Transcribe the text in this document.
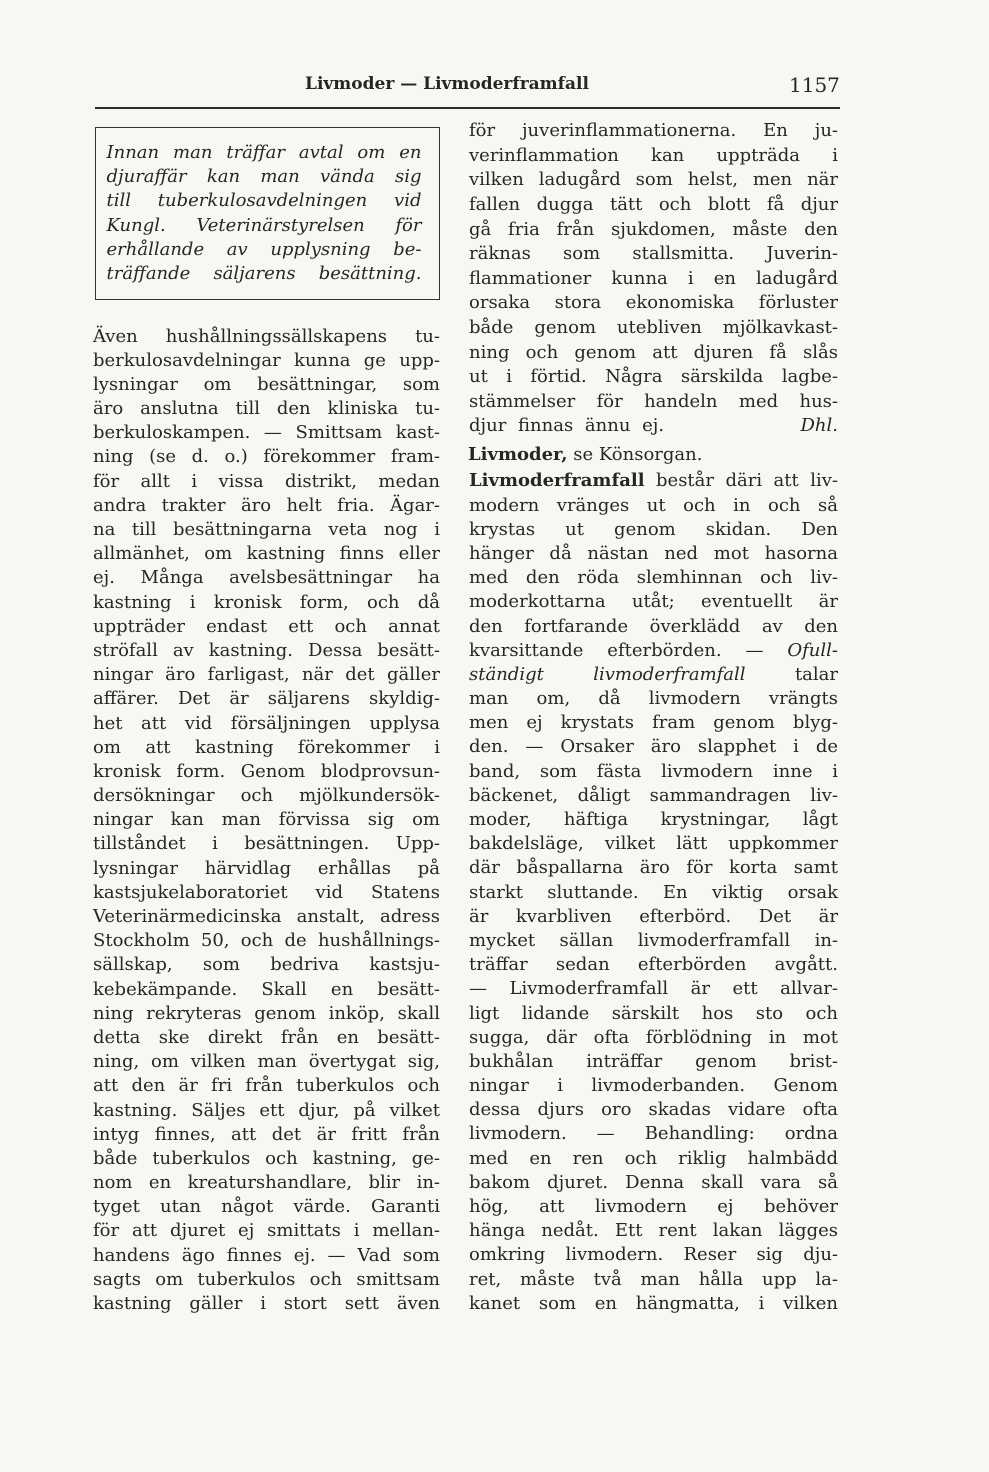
Livmoder — Livmoderframfall	1157
Innan man träffar avtal om en
djuraffär kan man vända sig
till tuberkulosavdelningen vid
Kungl. Veterinärstyrelsen för
erhållande av upplysning be-
träffande säljarens besättning.
Även hushållningssällskapens tu-
berkulosavdelningar kunna ge upp-
lysningar om besättningar, som
äro anslutna till den kliniska tu-
berkuloskampen. — Smittsam kast-
ning (se d. o.) förekommer fram-
för allt i vissa distrikt, medan
andra trakter äro helt fria. Ägar-
na till besättningarna veta nog i
allmänhet, om kastning finns eller
ej. Många avelsbesättningar ha
kastning i kronisk form, och då
uppträder endast ett och annat
ströfall av kastning. Dessa besätt-
ningar äro farligast, när det gäller
affärer. Det är säljarens skyldig-
het att vid försäljningen upplysa
om att kastning förekommer i
kronisk form. Genom blodprovsun-
dersökningar och mjölkundersök-
ningar kan man förvissa sig om
tillståndet i besättningen. Upp-
lysningar härvidlag erhållas på
kastsjukelaboratoriet vid Statens
Veterinärmedicinska anstalt, adress
Stockholm 50, och de hushållnings-
sällskap, som bedriva kastsju-
kebekämpande. Skall en besätt-
ning rekryteras genom inköp, skall
detta ske direkt från en besätt-
ning, om vilken man övertygat sig,
att den är fri från tuberkulos och
kastning. Säljes ett djur, på vilket
intyg finnes, att det är fritt från
både tuberkulos och kastning, ge-
nom en kreaturshandlare, blir in-
tyget utan något värde. Garanti
för att djuret ej smittats i mellan-
handens ägo finnes ej. — Vad som
sagts om tuberkulos och smittsam
kastning gäller i stort sett även
för juverinflammationerna. En ju-
verinflammation kan uppträda i
vilken ladugård som helst, men när
fallen dugga tätt och blott få djur
gå fria från sjukdomen, måste den
räknas som stallsmitta. Juverin-
flammationer kunna i en ladugård
orsaka stora ekonomiska förluster
både genom utebliven mjölkavkast-
ning och genom att djuren få slås
ut i förtid. Några särskilda lagbe-
stämmelser för handeln med hus-
djur finnas ännu ej.	Dhl.
Livmoder, se Könsorgan.
Livmoderframfall består däri att liv-
modern vränges ut och in och så
krystas ut genom skidan. Den
hänger då nästan ned mot hasorna
med den röda slemhinnan och liv-
moderkottarna utåt; eventuellt är
den fortfarande överklädd av den
kvarsittande efterbörden. — Ofull-
ständigt livmoderframfall talar
man om, då livmodern vrängts
men ej krystats fram genom blyg-
den. — Orsaker äro slapphet i de
band, som fästa livmodern inne i
bäckenet, dåligt sammandragen liv-
moder, häftiga krystningar, lågt
bakdelsläge, vilket lätt uppkommer
där båspallarna äro för korta samt
starkt sluttande. En viktig orsak
är kvarbliven efterbörd. Det är
mycket sällan livmoderframfall in-
träffar sedan efterbörden avgått.
— Livmoderframfall är ett allvar-
ligt lidande särskilt hos sto och
sugga, där ofta förblödning in mot
bukhålan inträffar genom brist-
ningar i livmoderbanden. Genom
dessa djurs oro skadas vidare ofta
livmodern. — Behandling: ordna
med en ren och riklig halmbädd
bakom djuret. Denna skall vara så
hög, att livmodern ej behöver
hänga nedåt. Ett rent lakan lägges
omkring livmodern. Reser sig dju-
ret, måste två man hålla upp la-
kanet som en hängmatta, i vilken
